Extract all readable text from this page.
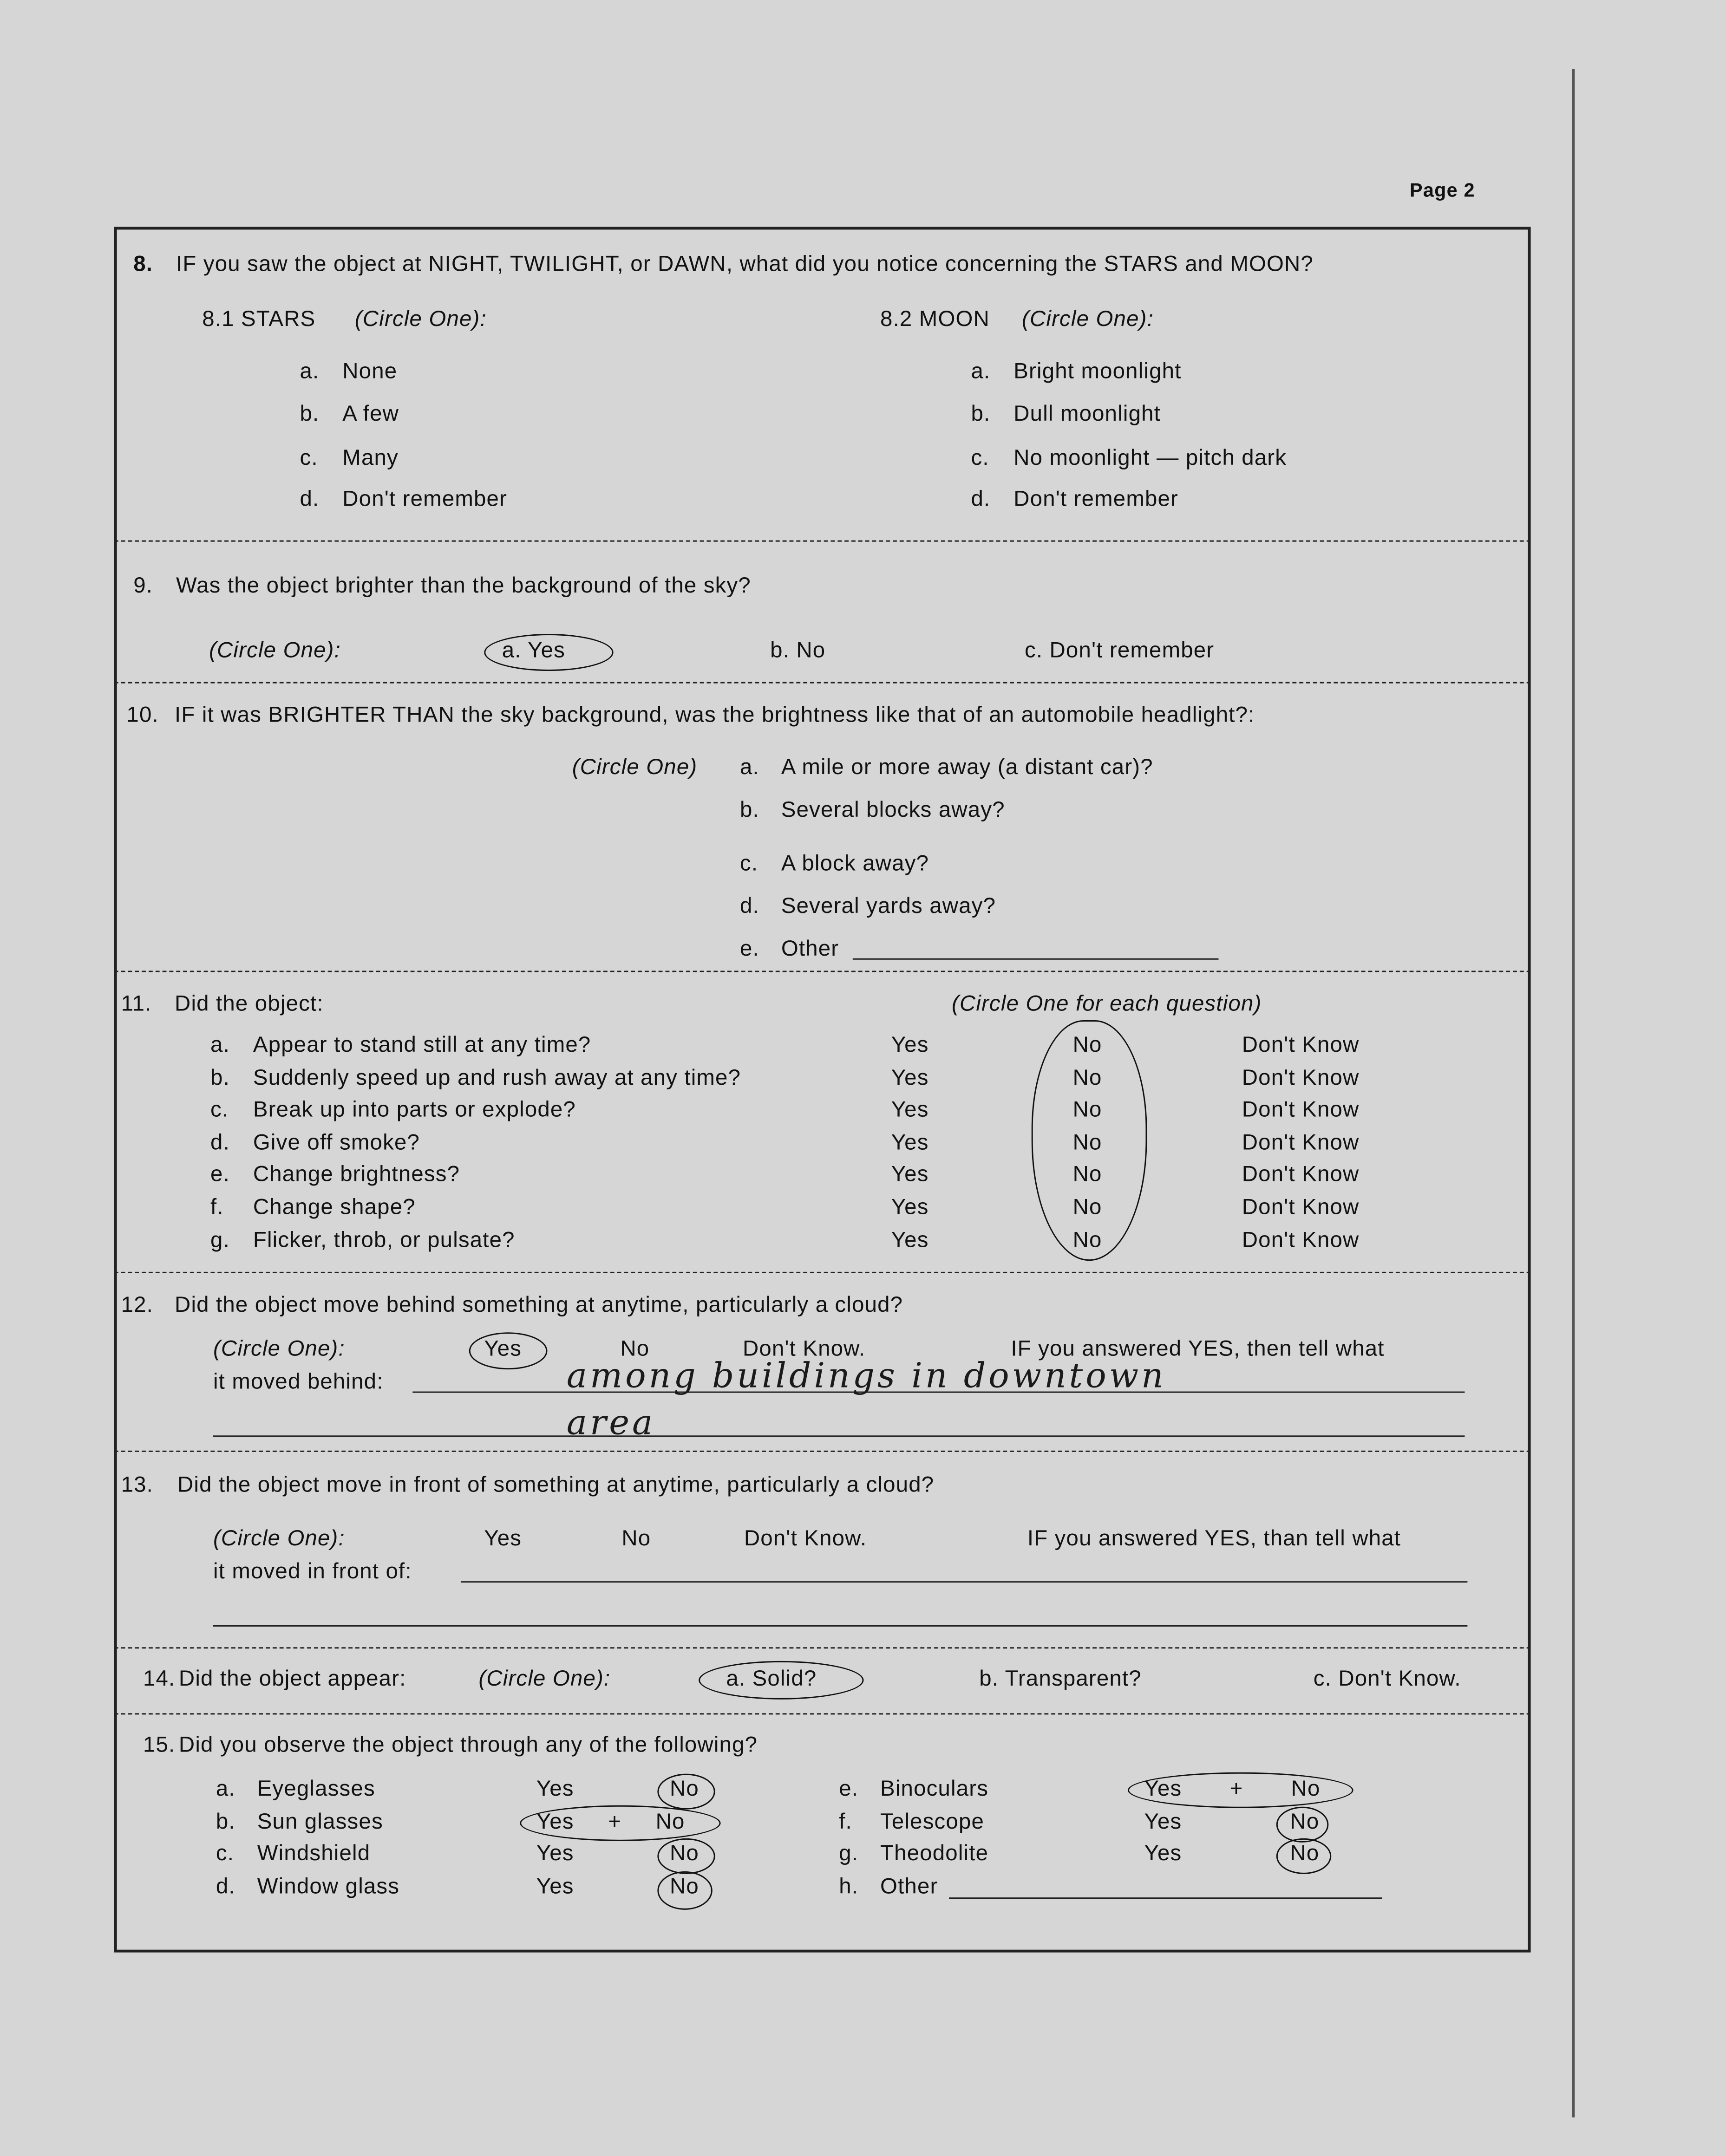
Page 2
8.	IF you saw the object at NIGHT, TWILIGHT, or DAWN, what did you notice concerning the STARS and MOON?
8.1 STARS	(Circle One):	8.2 MOON	(Circle One):
9.	Was the object brighter than the background of the sky?
(Circle One):	a. Yes	b. No	c. Don't remember
10. IF it was BRIGHTER THAN the sky background, was the brightness like that of an automobile headlight?:
(Circle One)
11.	Did the object:	(Circle One for each question)
12.	Did the object move behind something at anytime, particularly a cloud?
(Circle One):	Yes	No	Don't Know.	IF you answered YES, then tell what
it moved behind:	among buildings in downtown
area
13.	Did the object move in front of something at anytime, particularly a cloud?
(Circle One):	Yes	No	Don't Know.	IF you answered YES, than tell what
it moved in front of:
14. Did the object appear:	(Circle One):	a. Solid?	b. Transparent?	c. Don't Know.
15. Did you observe the object through any of the following?
a.	None	a.	Bright moonlight
b.	A few	b.	Dull moonlight
c.	Many	c.	No moonlight — pitch dark
d.	Don't remember	d.	Don't remember
a.	A mile or more away (a distant car)?
b.	Several blocks away?
c.	A block away?
d.	Several yards away?
e.	Other
a.	Appear to stand still at any time?	Yes	No	Don't Know
b.	Suddenly speed up and rush away at any time?	Yes	No	Don't Know
c.	Break up into parts or explode?	Yes	No	Don't Know
d.	Give off smoke?	Yes	No	Don't Know
e.	Change brightness?	Yes	No	Don't Know
f.	Change shape?	Yes	No	Don't Know
g.	Flicker, throb, or pulsate?	Yes	No	Don't Know
a.	Eyeglasses	Yes	No
b.	Sun glasses	Yes + No
c.	Windshield	Yes	No
d.	Window glass	Yes	No
e.	Binoculars	Yes + No
f.	Telescope	Yes	No
g.	Theodolite	Yes	No
h.	Other
